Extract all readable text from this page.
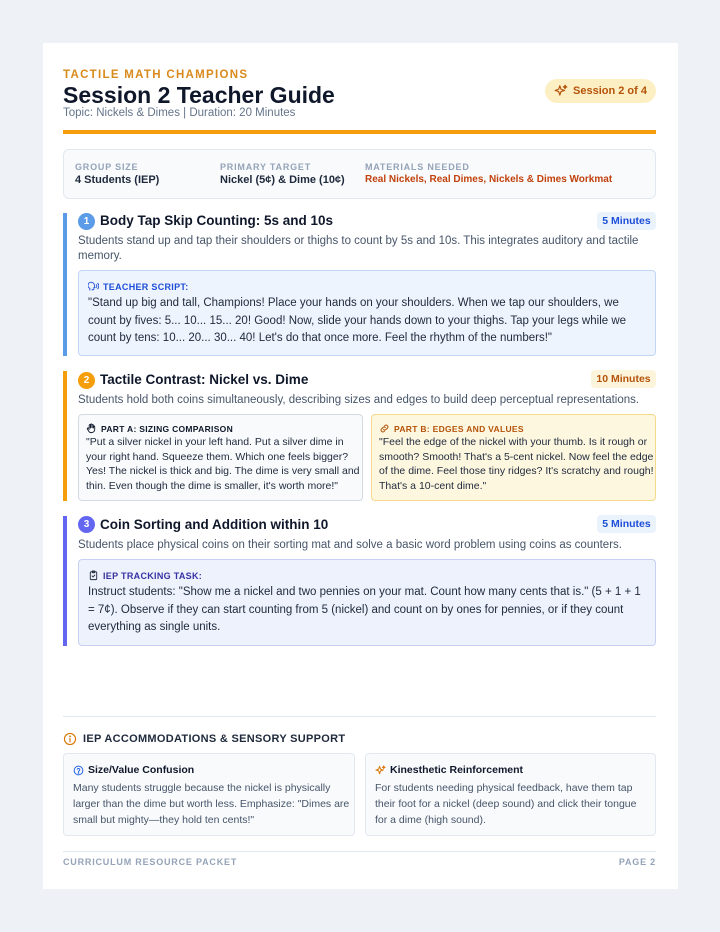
TACTILE MATH CHAMPIONS
Session 2 Teacher Guide
Topic: Nickels & Dimes | Duration: 20 Minutes
Session 2 of 4
GROUP SIZE
4 Students (IEP)
PRIMARY TARGET
Nickel (5¢) & Dime (10¢)
MATERIALS NEEDED
Real Nickels, Real Dimes, Nickels & Dimes Workmat
1 Body Tap Skip Counting: 5s and 10s	5 Minutes
Students stand up and tap their shoulders or thighs to count by 5s and 10s. This integrates auditory and tactile memory.
TEACHER SCRIPT:
"Stand up big and tall, Champions! Place your hands on your shoulders. When we tap our shoulders, we count by fives: 5... 10... 15... 20! Good! Now, slide your hands down to your thighs. Tap your legs while we count by tens: 10... 20... 30... 40! Let's do that once more. Feel the rhythm of the numbers!"
2 Tactile Contrast: Nickel vs. Dime	10 Minutes
Students hold both coins simultaneously, describing sizes and edges to build deep perceptual representations.
PART A: SIZING COMPARISON
"Put a silver nickel in your left hand. Put a silver dime in your right hand. Squeeze them. Which one feels bigger? Yes! The nickel is thick and big. The dime is very small and thin. Even though the dime is smaller, it's worth more!"
PART B: EDGES AND VALUES
"Feel the edge of the nickel with your thumb. Is it rough or smooth? Smooth! That's a 5-cent nickel. Now feel the edge of the dime. Feel those tiny ridges? It's scratchy and rough! That's a 10-cent dime."
3 Coin Sorting and Addition within 10	5 Minutes
Students place physical coins on their sorting mat and solve a basic word problem using coins as counters.
IEP TRACKING TASK:
Instruct students: "Show me a nickel and two pennies on your mat. Count how many cents that is." (5 + 1 + 1 = 7¢). Observe if they can start counting from 5 (nickel) and count on by ones for pennies, or if they count everything as single units.
IEP ACCOMMODATIONS & SENSORY SUPPORT
Size/Value Confusion
Many students struggle because the nickel is physically larger than the dime but worth less. Emphasize: "Dimes are small but mighty—they hold ten cents!"
Kinesthetic Reinforcement
For students needing physical feedback, have them tap their foot for a nickel (deep sound) and click their tongue for a dime (high sound).
CURRICULUM RESOURCE PACKET	PAGE 2
